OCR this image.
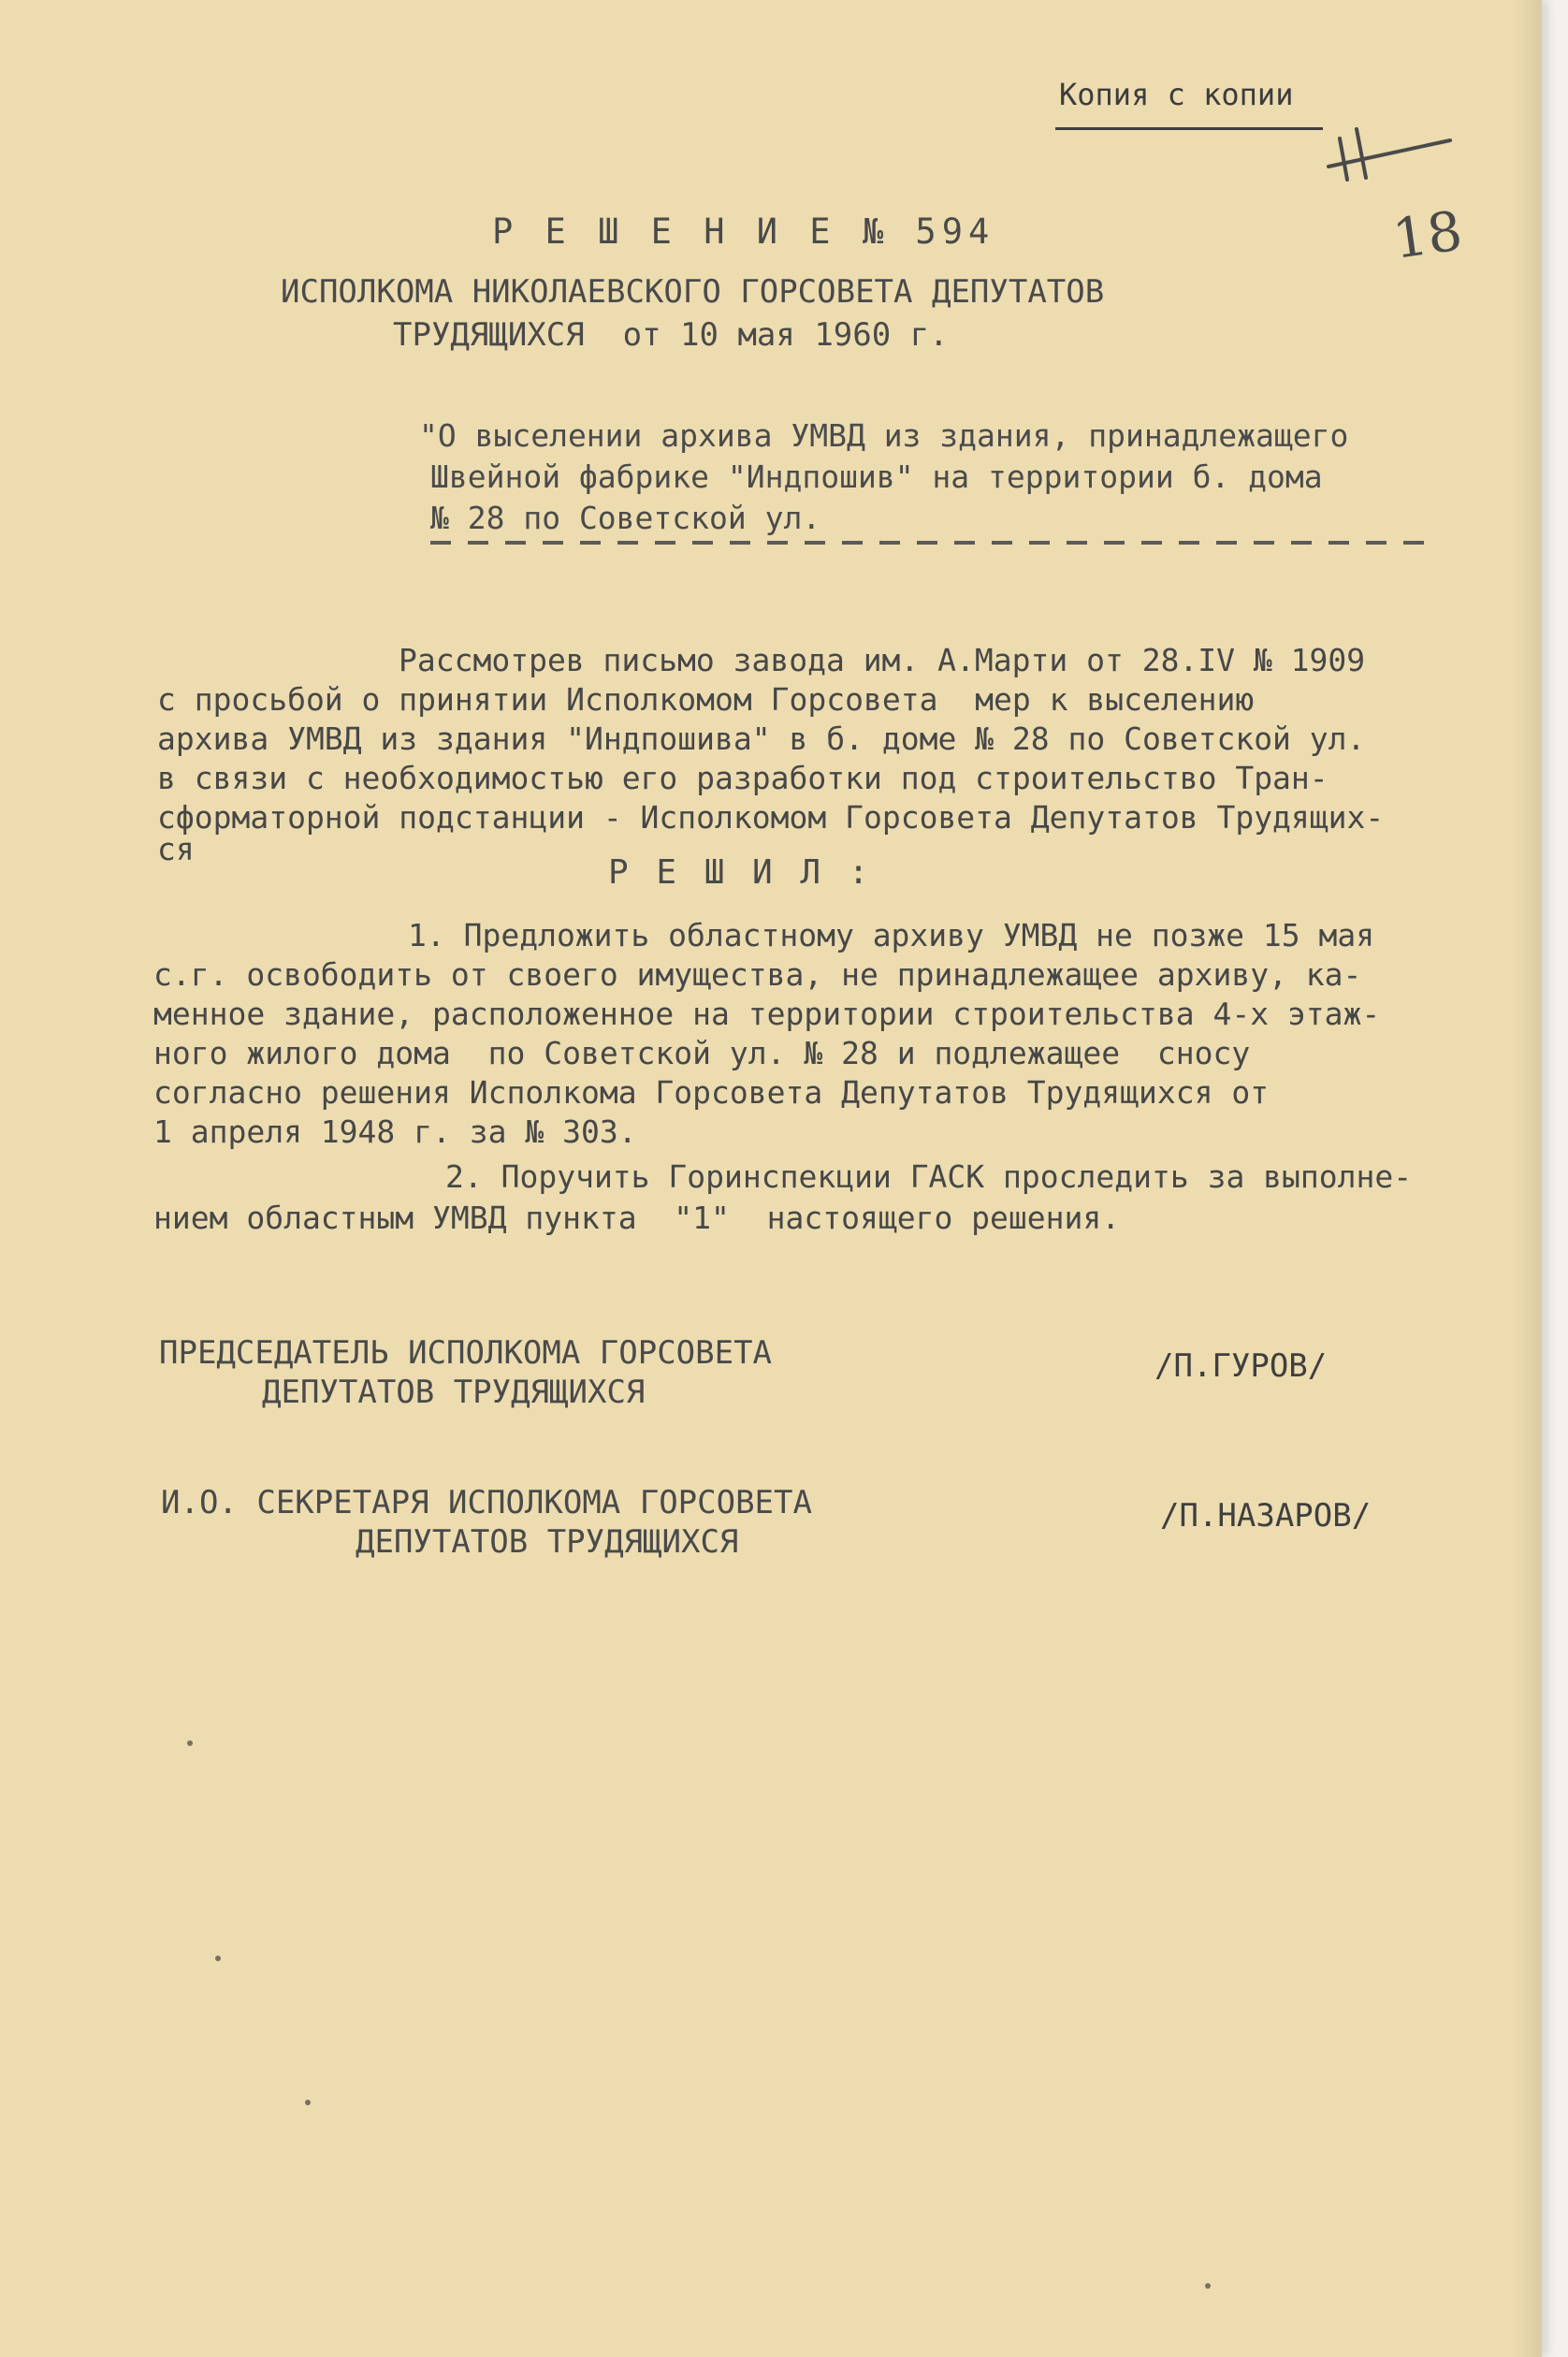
Копия с копии
18
Р Е Ш Е Н И Е № 594
ИСПОЛКОМА НИКОЛАЕВСКОГО ГОРСОВЕТА ДЕПУТАТОВ
ТРУДЯЩИХСЯ  от 10 мая 1960 г.
"О выселении архива УМВД из здания, принадлежащего
Швейной фабрике "Индпошив" на территории б. дома
№ 28 по Советской ул.
Рассмотрев письмо завода им. А.Марти от 28.IV № 1909
с просьбой о принятии Исполкомом Горсовета  мер к выселению
архива УМВД из здания "Индпошива" в б. доме № 28 по Советской ул.
в связи с необходимостью его разработки под строительство Тран-
сформаторной подстанции - Исполкомом Горсовета Депутатов Трудящих-
ся
Р Е Ш И Л :
1. Предложить областному архиву УМВД не позже 15 мая
с.г. освободить от своего имущества, не принадлежащее архиву, ка-
менное здание, расположенное на территории строительства 4-х этаж-
ного жилого дома  по Советской ул. № 28 и подлежащее  сносу
согласно решения Исполкома Горсовета Депутатов Трудящихся от
1 апреля 1948 г. за № 303.
2. Поручить Горинспекции ГАСК проследить за выполне-
нием областным УМВД пункта  "1"  настоящего решения.
ПРЕДСЕДАТЕЛЬ ИСПОЛКОМА ГОРСОВЕТА
ДЕПУТАТОВ ТРУДЯЩИХСЯ
/П.ГУРОВ/
И.О. СЕКРЕТАРЯ ИСПОЛКОМА ГОРСОВЕТА
ДЕПУТАТОВ ТРУДЯЩИХСЯ
/П.НАЗАРОВ/
